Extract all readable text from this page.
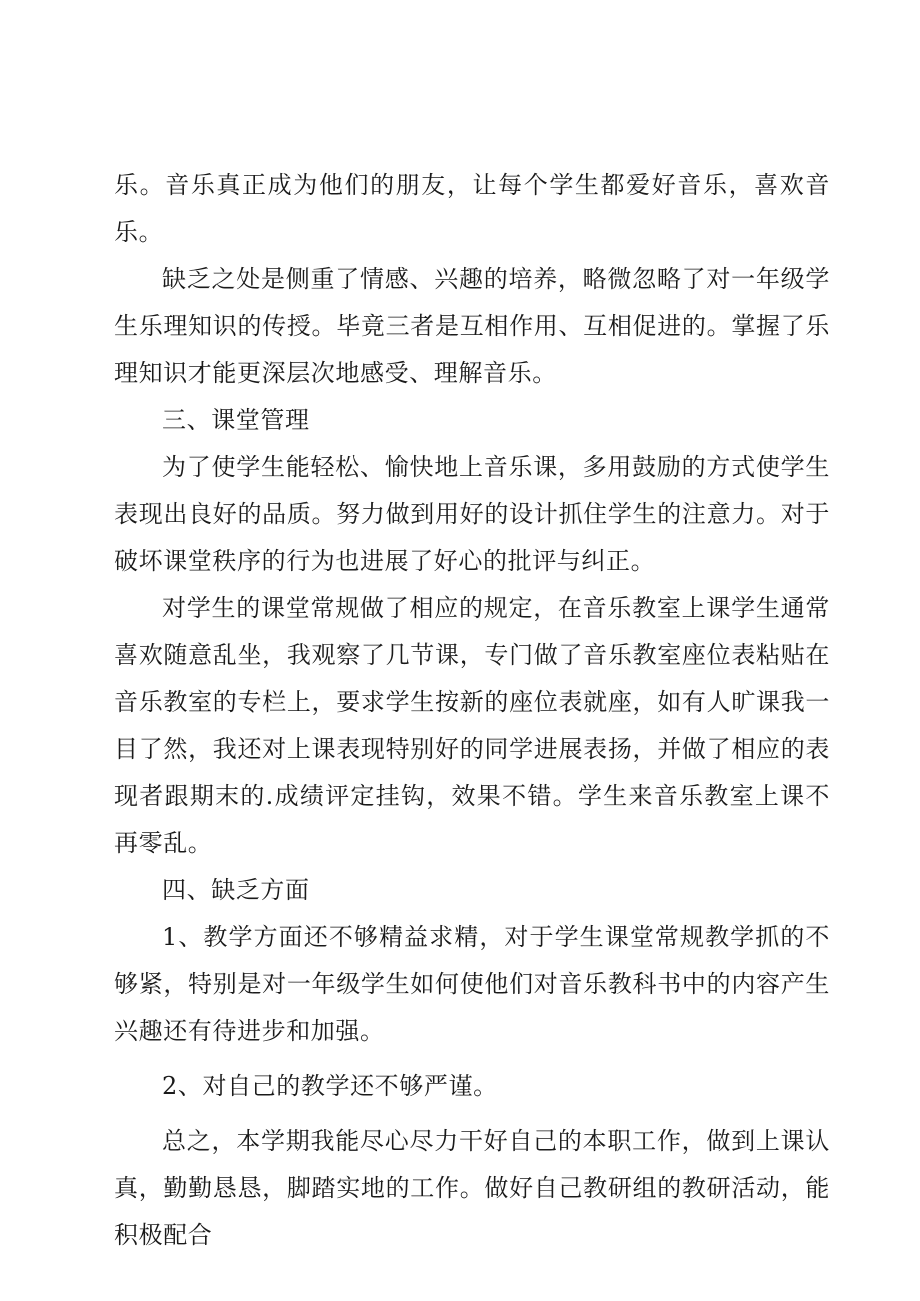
乐。音乐真正成为他们的朋友，让每个学生都爱好音乐，喜欢音乐。

缺乏之处是侧重了情感、兴趣的培养，略微忽略了对一年级学生乐理知识的传授。毕竟三者是互相作用、互相促进的。掌握了乐理知识才能更深层次地感受、理解音乐。

三、课堂管理

为了使学生能轻松、愉快地上音乐课，多用鼓励的方式使学生表现出良好的品质。努力做到用好的设计抓住学生的注意力。对于破坏课堂秩序的行为也进展了好心的批评与纠正。

对学生的课堂常规做了相应的规定，在音乐教室上课学生通常喜欢随意乱坐，我观察了几节课，专门做了音乐教室座位表粘贴在音乐教室的专栏上，要求学生按新的座位表就座，如有人旷课我一目了然，我还对上课表现特别好的同学进展表扬，并做了相应的表现者跟期末的.成绩评定挂钩，效果不错。学生来音乐教室上课不再零乱。

四、缺乏方面

1、教学方面还不够精益求精，对于学生课堂常规教学抓的不够紧，特别是对一年级学生如何使他们对音乐教科书中的内容产生兴趣还有待进步和加强。

2、对自己的教学还不够严谨。

总之，本学期我能尽心尽力干好自己的本职工作，做到上课认真，勤勤恳恳，脚踏实地的工作。做好自己教研组的教研活动，能积极配合
